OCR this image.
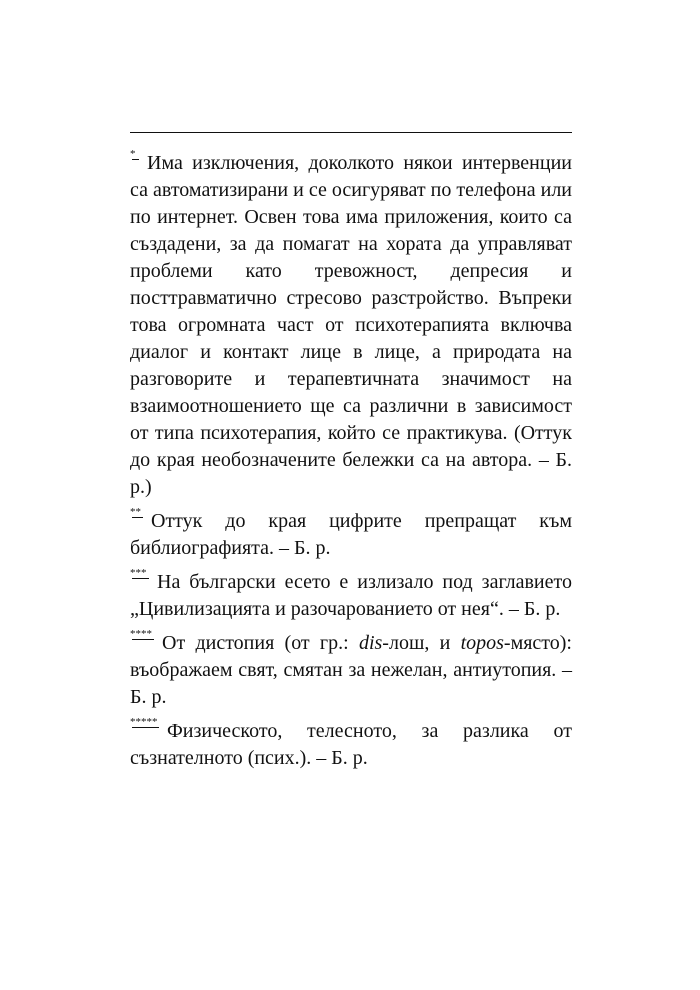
* Има изключения, доколкото някои интервенции са автоматизирани и се осигуряват по телефона или по интернет. Освен това има приложения, които са създадени, за да помагат на хората да управляват проблеми като тревожност, депресия и посттравматично стресово разстройство. Въпреки това огромната част от психотерапията включва диалог и контакт лице в лице, а природата на разговорите и терапевтичната значимост на взаимоотношението ще са различни в зависимост от типа психотерапия, който се практикува. (Оттук до края необозначените бележки са на автора. – Б. р.)

** Оттук до края цифрите препращат към библиографията. – Б. р.

*** На български есето е излизало под заглавието „Цивилизацията и разочарованието от нея“. – Б. р.

**** От дистопия (от гр.: dis-лош, и topos-място): въображаем свят, смятан за нежелан, антиутопия. – Б. р.

***** Физическото, телесното, за разлика от съзнателното (псих.). – Б. р.
